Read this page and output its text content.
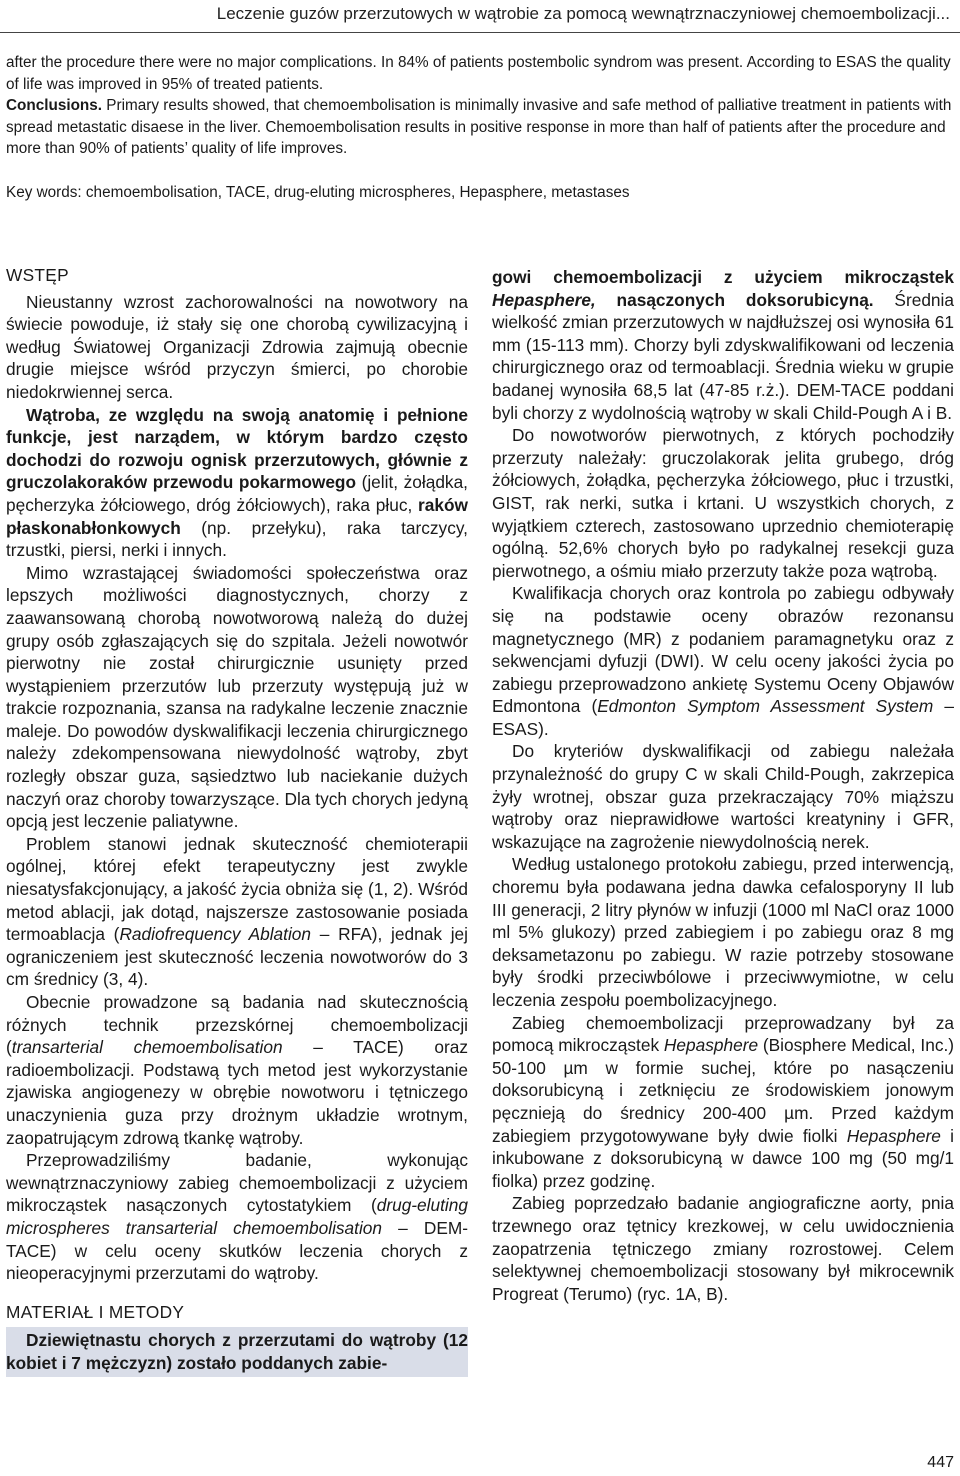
Leczenie guzów przerzutowych w wątrobie za pomocą wewnątrznaczyniowej chemoembolizacji...

after the procedure there were no major complications. In 84% of patients postembolic syndrom was present. According to ESAS the quality of life was improved in 95% of treated patients.

Conclusions. Primary results showed, that chemoembolisation is minimally invasive and safe method of palliative treatment in patients with spread metastatic disaese in the liver. Chemoembolisation results in positive response in more than half of patients after the procedure and more than 90% of patients’ quality of life improves.

Key words: chemoembolisation, TACE, drug-eluting microspheres, Hepasphere, metastases
WSTĘP

Nieustanny wzrost zachorowalności na nowotwory na świecie powoduje, iż stały się one chorobą cywilizacyjną i według Światowej Organizacji Zdrowia zajmują obecnie drugie miejsce wśród przyczyn śmierci, po chorobie niedokrwiennej serca.

Wątroba, ze względu na swoją anatomię i pełnione funkcje, jest narządem, w którym bardzo często dochodzi do rozwoju ognisk przerzutowych, głównie z gruczolakoraków przewodu pokarmowego (jelit, żołądka, pęcherzyka żółciowego, dróg żółciowych), raka płuc, raków płaskonabłonkowych (np. przełyku), raka tarczycy, trzustki, piersi, nerki i innych.

Mimo wzrastającej świadomości społeczeństwa oraz lepszych możliwości diagnostycznych, chorzy z zaawansowaną chorobą nowotworową należą do dużej grupy osób zgłaszających się do szpitala. Jeżeli nowotwór pierwotny nie został chirurgicznie usunięty przed wystąpieniem przerzutów lub przerzuty występują już w trakcie rozpoznania, szansa na radykalne leczenie znacznie maleje. Do powodów dyskwalifikacji leczenia chirurgicznego należy zdekompensowana niewydolność wątroby, zbyt rozległy obszar guza, sąsiedztwo lub naciekanie dużych naczyń oraz choroby towarzyszące. Dla tych chorych jedyną opcją jest leczenie paliatywne.

Problem stanowi jednak skuteczność chemioterapii ogólnej, której efekt terapeutyczny jest zwykle niesatysfakcjonujący, a jakość życia obniża się (1, 2). Wśród metod ablacji, jak dotąd, najszersze zastosowanie posiada termoablacja (Radiofrequency Ablation – RFA), jednak jej ograniczeniem jest skuteczność leczenia nowotworów do 3 cm średnicy (3, 4).

Obecnie prowadzone są badania nad skutecznością różnych technik przezskórnej chemoembolizacji (transarterial chemoembolisation – TACE) oraz radioembolizacji. Podstawą tych metod jest wykorzystanie zjawiska angiogenezy w obrębie nowotworu i tętniczego unaczynienia guza przy drożnym układzie wrotnym, zaopatrującym zdrową tkankę wątroby.

Przeprowadziliśmy badanie, wykonując wewnątrznaczyniowy zabieg chemoembolizacji z użyciem mikrocząstek nasączonych cytostatykiem (drug-eluting microspheres transarterial chemoembolisation – DEM-TACE) w celu oceny skutków leczenia chorych z nieoperacyjnymi przerzutami do wątroby.

MATERIAŁ I METODY
Dziewiętnastu chorych z przerzutami do wątroby (12 kobiet i 7 mężczyzn) zostało poddanych zabie-

gowi chemoembolizacji z użyciem mikrocząstek Hepasphere, nasączonych doksorubicyną. Średnia wielkość zmian przerzutowych w najdłuższej osi wynosiła 61 mm (15-113 mm). Chorzy byli zdyskwalifikowani od leczenia chirurgicznego oraz od termoablacji. Średnia wieku w grupie badanej wynosiła 68,5 lat (47-85 r.ż.). DEM-TACE poddani byli chorzy z wydolnością wątroby w skali Child-Pough A i B.

Do nowotworów pierwotnych, z których pochodziły przerzuty należały: gruczolakorak jelita grubego, dróg żółciowych, żołądka, pęcherzyka żółciowego, płuc i trzustki, GIST, rak nerki, sutka i krtani. U wszystkich chorych, z wyjątkiem czterech, zastosowano uprzednio chemioterapię ogólną. 52,6% chorych było po radykalnej resekcji guza pierwotnego, a ośmiu miało przerzuty także poza wątrobą.

Kwalifikacja chorych oraz kontrola po zabiegu odbywały się na podstawie oceny obrazów rezonansu magnetycznego (MR) z podaniem paramagnetyku oraz z sekwencjami dyfuzji (DWI). W celu oceny jakości życia po zabiegu przeprowadzono ankietę Systemu Oceny Objawów Edmontona (Edmonton Symptom Assessment System – ESAS).

Do kryteriów dyskwalifikacji od zabiegu należała przynależność do grupy C w skali Child-Pough, zakrzepica żyły wrotnej, obszar guza przekraczający 70% miąższu wątroby oraz nieprawidłowe wartości kreatyniny i GFR, wskazujące na zagrożenie niewydolnością nerek.

Według ustalonego protokołu zabiegu, przed interwencją, choremu była podawana jedna dawka cefalosporyny II lub III generacji, 2 litry płynów w infuzji (1000 ml NaCl oraz 1000 ml 5% glukozy) przed zabiegiem i po zabiegu oraz 8 mg deksametazonu po zabiegu. W razie potrzeby stosowane były środki przeciwbólowe i przeciwwymiotne, w celu leczenia zespołu poembolizacyjnego.

Zabieg chemoembolizacji przeprowadzany był za pomocą mikrocząstek Hepasphere (Biosphere Medical, Inc.) 50-100 µm w formie suchej, które po nasączeniu doksorubicyną i zetknięciu ze środowiskiem jonowym pęcznieją do średnicy 200-400 µm. Przed każdym zabiegiem przygotowywane były dwie fiolki Hepasphere i inkubowane z doksorubicyną w dawce 100 mg (50 mg/1 fiolka) przez godzinę.

Zabieg poprzedzało badanie angiograficzne aorty, pnia trzewnego oraz tętnicy krezkowej, w celu uwidocznienia zaopatrzenia tętniczego zmiany rozrostowej. Celem selektywnej chemoembolizacji stosowany był mikrocewnik Progreat (Terumo) (ryc. 1A, B).

447
